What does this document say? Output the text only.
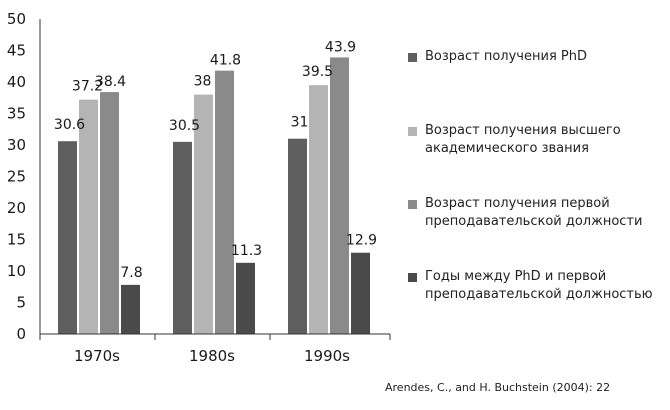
0
5
10
15
20
25
30
35
40
45
50
30.6
37.2
38.4
7.8
30.5
38
41.8
11.3
31
39.5
43.9
12.9
1970s	1980s	1990s
Возраст получения PhD
Возраст получения высшего
академического звания
Возраст получения первой
преподавательской должности
Годы между PhD и первой
преподавательской должностью
Arendes, C., and H. Buchstein (2004): 22
